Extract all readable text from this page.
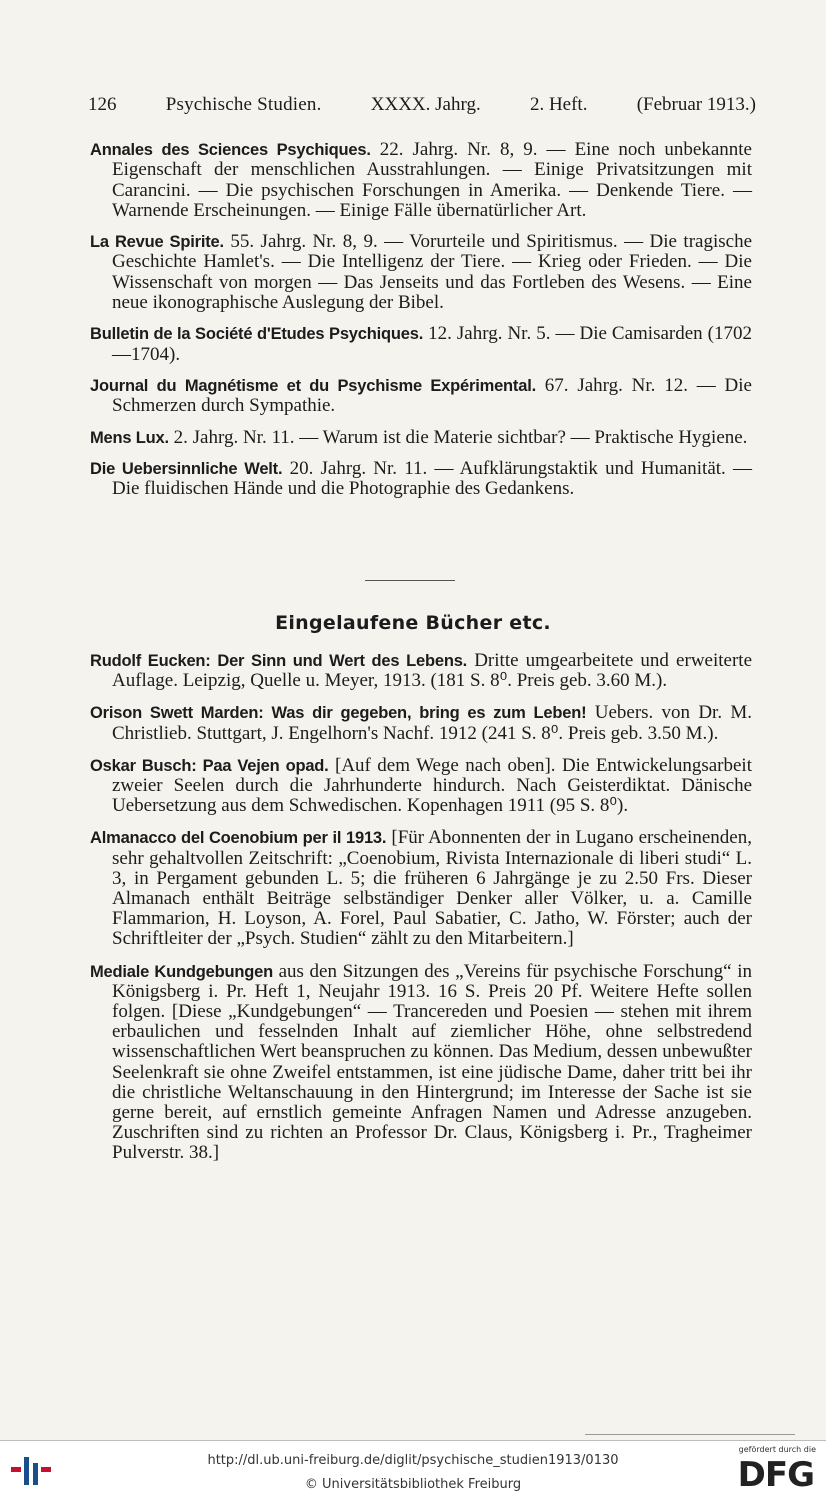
126	Psychische Studien.	XXXX. Jahrg.	2. Heft.	(Februar 1913.)

Annales des Sciences Psychiques. 22. Jahrg. Nr. 8, 9. — Eine noch unbekannte Eigenschaft der menschlichen Ausstrahlungen. — Einige Privatsitzungen mit Carancini. — Die psychischen Forschungen in Amerika. — Denkende Tiere. — Warnende Erscheinungen. — Einige Fälle übernatürlicher Art.

La Revue Spirite. 55. Jahrg. Nr. 8, 9. — Vorurteile und Spiritismus. — Die tragische Geschichte Hamlet's. — Die Intelligenz der Tiere. — Krieg oder Frieden. — Die Wissenschaft von morgen — Das Jenseits und das Fortleben des Wesens. — Eine neue ikonographische Auslegung der Bibel.

Bulletin de la Société d'Etudes Psychiques. 12. Jahrg. Nr. 5. — Die Camisarden (1702—1704).

Journal du Magnétisme et du Psychisme Expérimental. 67. Jahrg. Nr. 12. — Die Schmerzen durch Sympathie.

Mens Lux. 2. Jahrg. Nr. 11. — Warum ist die Materie sichtbar? — Praktische Hygiene.

Die Uebersinnliche Welt. 20. Jahrg. Nr. 11. — Aufklärungstaktik und Humanität. — Die fluidischen Hände und die Photographie des Gedankens.

Eingelaufene Bücher etc.

Rudolf Eucken: Der Sinn und Wert des Lebens. Dritte umgearbeitete und erweiterte Auflage. Leipzig, Quelle u. Meyer, 1913. (181 S. 8⁰. Preis geb. 3.60 M.).

Orison Swett Marden: Was dir gegeben, bring es zum Leben! Uebers. von Dr. M. Christlieb. Stuttgart, J. Engelhorn's Nachf. 1912 (241 S. 8⁰. Preis geb. 3.50 M.).

Oskar Busch: Paa Vejen opad. [Auf dem Wege nach oben]. Die Entwickelungsarbeit zweier Seelen durch die Jahrhunderte hindurch. Nach Geisterdiktat. Dänische Uebersetzung aus dem Schwedischen. Kopenhagen 1911 (95 S. 8⁰).

Almanacco del Coenobium per il 1913. [Für Abonnenten der in Lugano erscheinenden, sehr gehaltvollen Zeitschrift: „Coenobium, Rivista Internazionale di liberi studi“ L. 3, in Pergament gebunden L. 5; die früheren 6 Jahrgänge je zu 2.50 Frs. Dieser Almanach enthält Beiträge selbständiger Denker aller Völker, u. a. Camille Flammarion, H. Loyson, A. Forel, Paul Sabatier, C. Jatho, W. Förster; auch der Schriftleiter der „Psych. Studien“ zählt zu den Mitarbeitern.]

Mediale Kundgebungen aus den Sitzungen des „Vereins für psychische Forschung“ in Königsberg i. Pr. Heft 1, Neujahr 1913. 16 S. Preis 20 Pf. Weitere Hefte sollen folgen. [Diese „Kundgebungen“ — Trancereden und Poesien — stehen mit ihrem erbaulichen und fesselnden Inhalt auf ziemlicher Höhe, ohne selbstredend wissenschaftlichen Wert beanspruchen zu können. Das Medium, dessen unbewußter Seelenkraft sie ohne Zweifel entstammen, ist eine jüdische Dame, daher tritt bei ihr die christliche Weltanschauung in den Hintergrund; im Interesse der Sache ist sie gerne bereit, auf ernstlich gemeinte Anfragen Namen und Adresse anzugeben. Zuschriften sind zu richten an Professor Dr. Claus, Königsberg i. Pr., Tragheimer Pulverstr. 38.]

http://dl.ub.uni-freiburg.de/diglit/psychische_studien1913/0130
© Universitätsbibliothek Freiburg
gefördert durch die
DFG
